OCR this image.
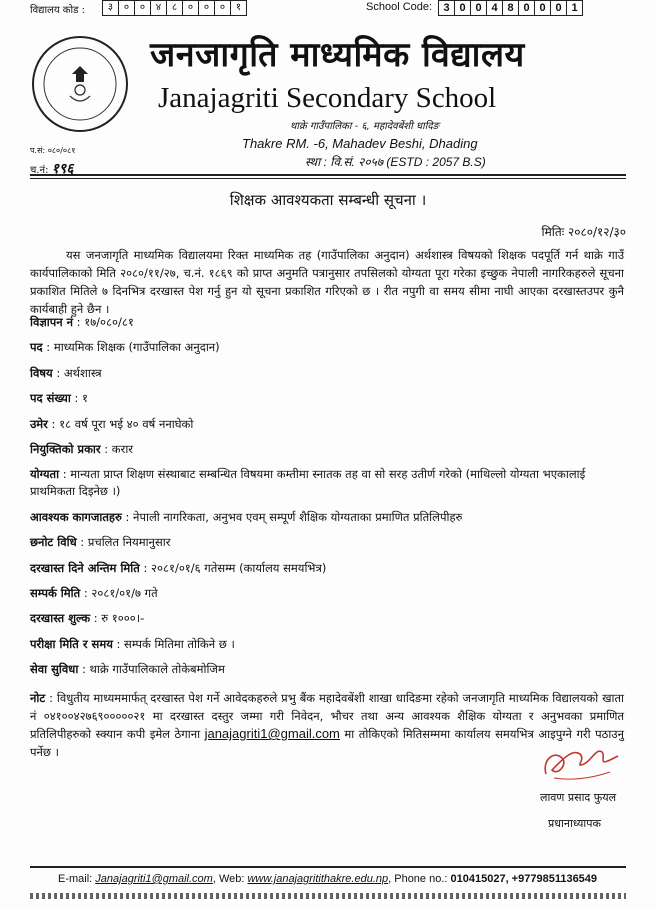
विद्यालय कोड :	३	०	०	४	८	०	०	०	१	School Code:	3 0 0 4 8 0 0 0 1
जनजागृति माध्यमिक विद्यालय
Janajagriti Secondary School
थाक्रे गाउँपालिका - ६, महादेवबेंशी धादिङ
Thakre RM. -6, Mahadev Beshi, Dhading
स्था : वि.सं. २०५७ (ESTD : 2057 B.S)
प.सं: ०८०/०८१
च.नं: १९६
शिक्षक आवश्यकता सम्बन्धी सूचना ।
मितिः २०८०/१२/३०

यस जनजागृति माध्यमिक विद्यालयमा रिक्त माध्यमिक तह (गाउँपालिका अनुदान) अर्थशास्त्र विषयको शिक्षक पदपूर्ति गर्न थाक्रे गाउँ कार्यपालिकाको मिति २०८०/११/२७, च.नं. १८६९ को प्राप्त अनुमति पत्रानुसार तपसिलको योग्यता पूरा गरेका इच्छुक नेपाली नागरिकहरुले सूचना प्रकाशित मितिले ७ दिनभित्र दरखास्त पेश गर्नु हुन यो सूचना प्रकाशित गरिएको छ । रीत नपुगी वा समय सीमा नाघी आएका दरखास्तउपर कुनै कार्यबाही हुने छैन ।

विज्ञापन नं : १७/०८०/८१
पद : माध्यमिक शिक्षक (गाउँपालिका अनुदान)
विषय : अर्थशास्त्र
पद संख्या : १
उमेर : १८ वर्ष पूरा भई ४० वर्ष ननाघेको
नियुक्तिको प्रकार : करार
योग्यता : मान्यता प्राप्त शिक्षण संस्थाबाट सम्बन्धित विषयमा कम्तीमा स्नातक तह वा सो सरह उतीर्ण गरेको (माथिल्लो योग्यता भएकालाई प्राथमिकता दिइनेछ ।)
आवश्यक कागजातहरु : नेपाली नागरिकता, अनुभव एवम् सम्पूर्ण शैक्षिक योग्यताका प्रमाणित प्रतिलिपीहरु
छनोट विधि : प्रचलित नियमानुसार
दरखास्त दिने अन्तिम मिति : २०८१/०१/६ गतेसम्म (कार्यालय समयभित्र)
सम्पर्क मिति : २०८१/०१/७ गते
दरखास्त शुल्क : रु १०००।-
परीक्षा मिति र समय : सम्पर्क मितिमा तोकिने छ ।
सेवा सुविधा : थाक्रे गाउँपालिकाले तोकेबमोजिम

नोट : विधुतीय माध्यममार्फत् दरखास्त पेश गर्ने आवेदकहरुले प्रभु बैंक महादेवबेंशी शाखा धादिङमा रहेको जनजागृति माध्यमिक विद्यालयको खाता नं ०४१००४२७६९०००००२१ मा दरखास्त दस्तुर जम्मा गरी निवेदन, भौचर तथा अन्य आवश्यक शैक्षिक योग्यता र अनुभवका प्रमाणित प्रतिलिपीहरुको स्क्यान कपी इमेल ठेगाना janajagriti1@gmail.com मा तोकिएको मितिसम्ममा कार्यालय समयभित्र आइपुग्ने गरी पठाउनु पर्नेछ ।

लावण प्रसाद फुयल
प्रधानाध्यापक
E-mail: Janajagriti1@gmail.com, Web: www.janajagritithakre.edu.np, Phone no.: 010415027, +9779851136549
